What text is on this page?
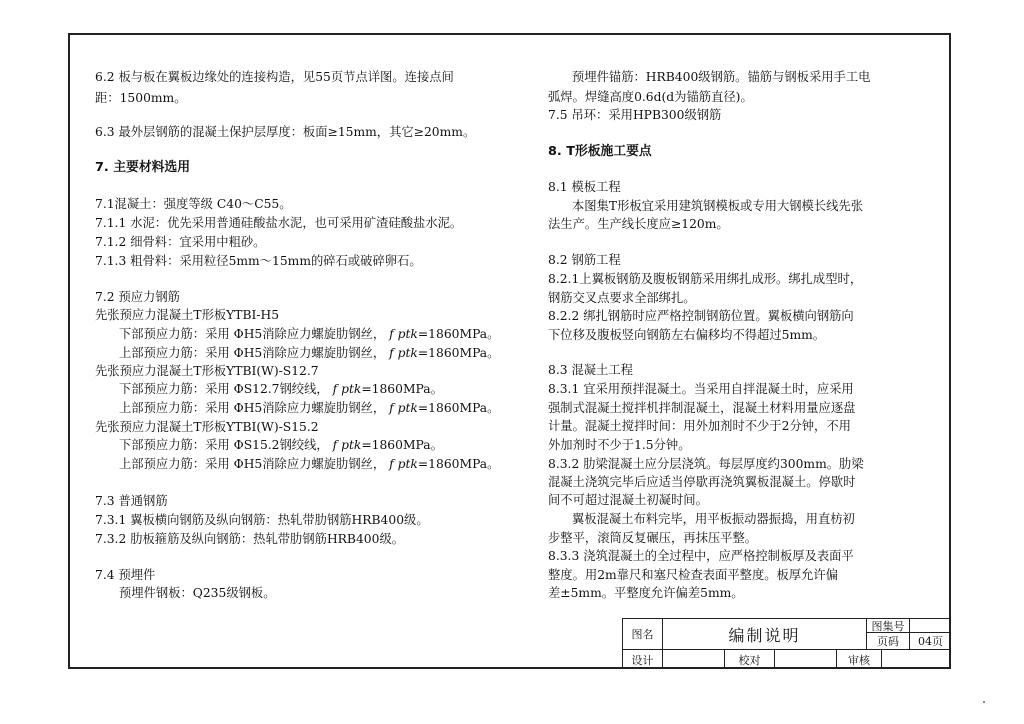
6.2 板与板在翼板边缘处的连接构造，见55页节点详图。连接点间
距：1500mm。
6.3 最外层钢筋的混凝土保护层厚度：板面≥15mm，其它≥20mm。
7. 主要材料选用
7.1混凝土：强度等级 C40～C55。
7.1.1 水泥：优先采用普通硅酸盐水泥，也可采用矿渣硅酸盐水泥。
7.1.2 细骨料：宜采用中粗砂。
7.1.3 粗骨料：采用粒径5mm～15mm的碎石或破碎卵石。
7.2 预应力钢筋
先张预应力混凝土T形板YTBI-H5
下部预应力筋：采用 ΦH5消除应力螺旋肋钢丝， f ptk=1860MPa。
上部预应力筋：采用 ΦH5消除应力螺旋肋钢丝， f ptk=1860MPa。
先张预应力混凝土T形板YTBI(W)-S12.7
下部预应力筋：采用 ΦS12.7钢绞线， f ptk=1860MPa。
上部预应力筋：采用 ΦH5消除应力螺旋肋钢丝， f ptk=1860MPa。
先张预应力混凝土T形板YTBI(W)-S15.2
下部预应力筋：采用 ΦS15.2钢绞线， f ptk=1860MPa。
上部预应力筋：采用 ΦH5消除应力螺旋肋钢丝， f ptk=1860MPa。
7.3 普通钢筋
7.3.1 翼板横向钢筋及纵向钢筋：热轧带肋钢筋HRB400级。
7.3.2 肋板箍筋及纵向钢筋：热轧带肋钢筋HRB400级。
7.4 预埋件
预埋件钢板：Q235级钢板。
预埋件锚筋：HRB400级钢筋。锚筋与钢板采用手工电
弧焊。焊缝高度0.6d(d为锚筋直径)。
7.5 吊环：采用HPB300级钢筋
8. T形板施工要点
8.1 模板工程
本图集T形板宜采用建筑钢模板或专用大钢模长线先张
法生产。生产线长度应≥120m。
8.2 钢筋工程
8.2.1上翼板钢筋及腹板钢筋采用绑扎成形。绑扎成型时，
钢筋交叉点要求全部绑扎。
8.2.2 绑扎钢筋时应严格控制钢筋位置。翼板横向钢筋向
下位移及腹板竖向钢筋左右偏移均不得超过5mm。
8.3 混凝土工程
8.3.1 宜采用预拌混凝土。当采用自拌混凝土时，应采用
强制式混凝土搅拌机拌制混凝土，混凝土材料用量应逐盘
计量。混凝土搅拌时间：用外加剂时不少于2分钟，不用
外加剂时不少于1.5分钟。
8.3.2 肋梁混凝土应分层浇筑。每层厚度约300mm。肋梁
混凝土浇筑完毕后应适当停歇再浇筑翼板混凝土。停歇时
间不可超过混凝土初凝时间。
翼板混凝土布料完毕，用平板振动器振捣，用直枋初
步整平，滚筒反复碾压，再抹压平整。
8.3.3 浇筑混凝土的全过程中，应严格控制板厚及表面平
整度。用2m靠尺和塞尺检查表面平整度。板厚允许偏
差±5mm。平整度允许偏差5mm。
图名	编制说明	图集号
页码	04页
设计	校对	审核
